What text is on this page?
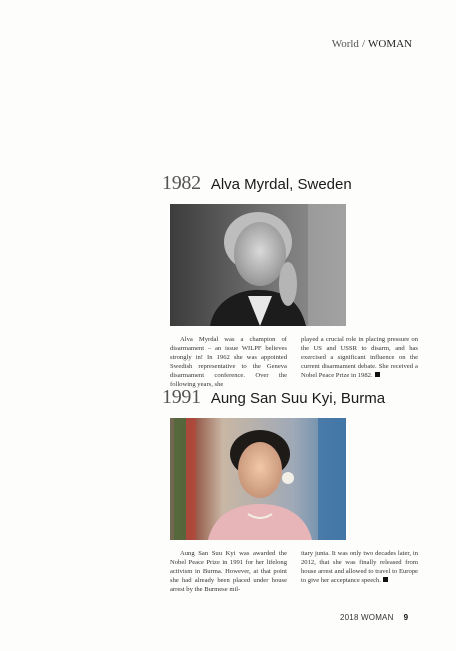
World / WOMAN
1982 Alva Myrdal, Sweden

Alva Myrdal was a champion of disarmament – an issue WILPF believes strongly in! In 1962 she was appointed Swedish representative to the Geneva disarmament conference. Over the following years, she

played a crucial role in placing pressure on the US and USSR to disarm, and has exercised a significant influence on the current disarmament debate. She received a Nobel Peace Prize in 1982.

1991 Aung San Suu Kyi, Burma

Aung San Suu Kyi was awarded the Nobel Peace Prize in 1991 for her lifelong activism in Burma. However, at that point she had already been placed under house arrest by the Burmese mil-

itary junta. It was only two decades later, in 2012, that she was finally released from house arrest and allowed to travel to Europe to give her acceptance speech.

2018 WOMAN 9
